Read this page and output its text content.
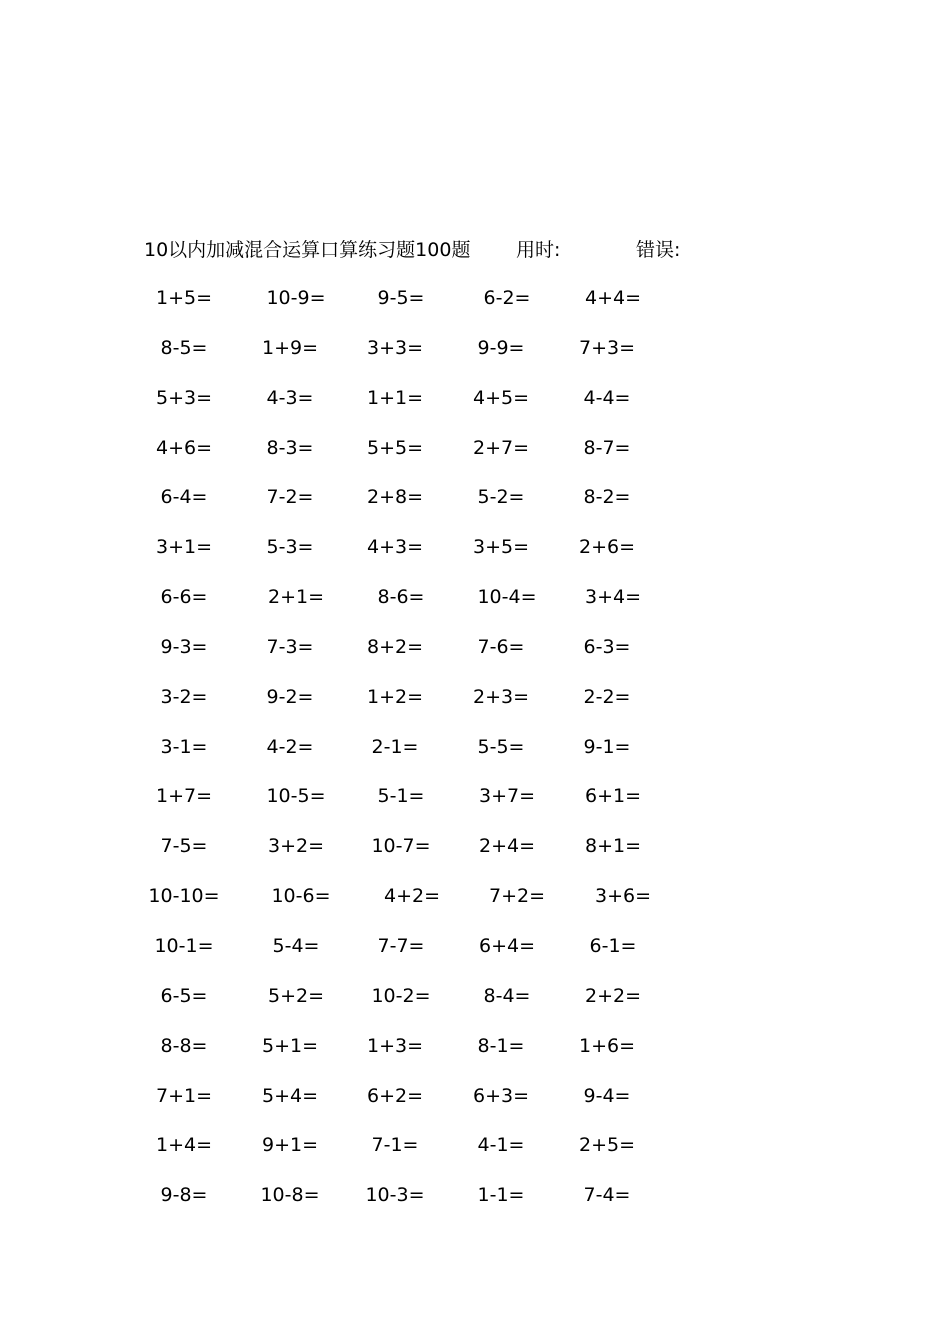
10以内加减混合运算口算练习题100题 用时:	错误:
1+5=	10-9=	9-5=	6-2=	4+4=
8-5=	1+9=	3+3=	9-9=	7+3=
5+3=	4-3=	1+1=	4+5=	4-4=
4+6=	8-3=	5+5=	2+7=	8-7=
6-4=	7-2=	2+8=	5-2=	8-2=
3+1=	5-3=	4+3=	3+5=	2+6=
6-6=	2+1=	8-6=	10-4=	3+4=
9-3=	7-3=	8+2=	7-6=	6-3=
3-2=	9-2=	1+2=	2+3=	2-2=
3-1=	4-2=	2-1=	5-5=	9-1=
1+7=	10-5=	5-1=	3+7=	6+1=
7-5=	3+2=	10-7=	2+4=	8+1=
10-10=	10-6=	4+2=	7+2=	3+6=
10-1=	5-4=	7-7=	6+4=	6-1=
6-5=	5+2=	10-2=	8-4=	2+2=
8-8=	5+1=	1+3=	8-1=	1+6=
7+1=	5+4=	6+2=	6+3=	9-4=
1+4=	9+1=	7-1=	4-1=	2+5=
9-8=	10-8=	10-3=	1-1=	7-4=
